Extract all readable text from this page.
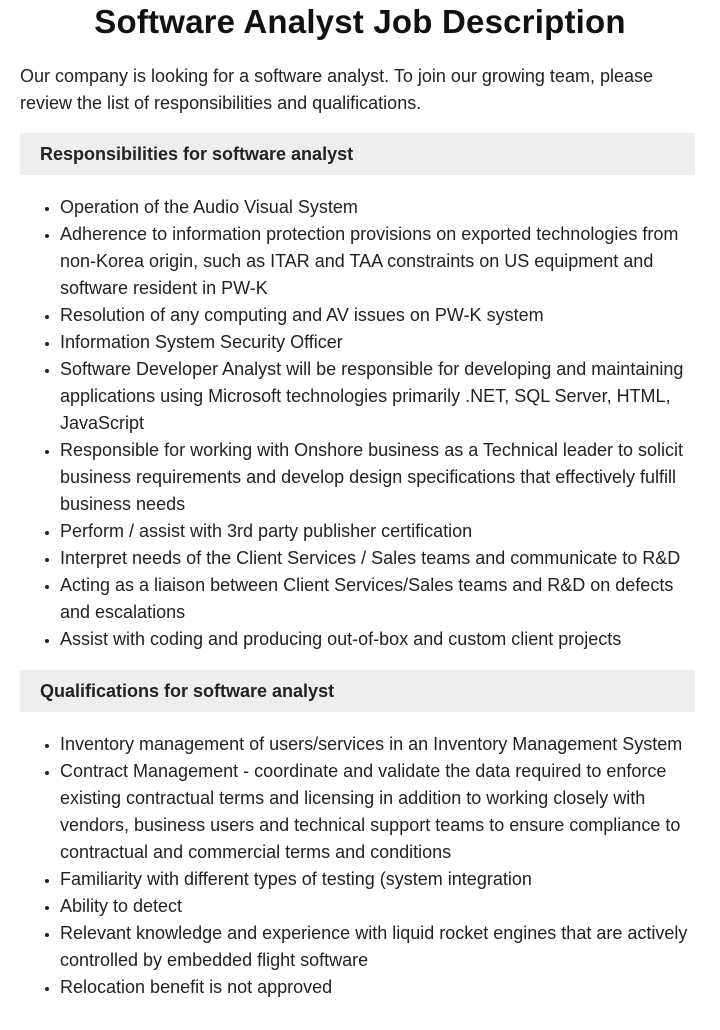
Software Analyst Job Description

Our company is looking for a software analyst. To join our growing team, please review the list of responsibilities and qualifications.

Responsibilities for software analyst
• Operation of the Audio Visual System
• Adherence to information protection provisions on exported technologies from non-Korea origin, such as ITAR and TAA constraints on US equipment and software resident in PW-K
• Resolution of any computing and AV issues on PW-K system
• Information System Security Officer
• Software Developer Analyst will be responsible for developing and maintaining applications using Microsoft technologies primarily .NET, SQL Server, HTML, JavaScript
• Responsible for working with Onshore business as a Technical leader to solicit business requirements and develop design specifications that effectively fulfill business needs
• Perform / assist with 3rd party publisher certification
• Interpret needs of the Client Services / Sales teams and communicate to R&D
• Acting as a liaison between Client Services/Sales teams and R&D on defects and escalations
• Assist with coding and producing out-of-box and custom client projects
Qualifications for software analyst
• Inventory management of users/services in an Inventory Management System
• Contract Management - coordinate and validate the data required to enforce existing contractual terms and licensing in addition to working closely with vendors, business users and technical support teams to ensure compliance to contractual and commercial terms and conditions
• Familiarity with different types of testing (system integration
• Ability to detect
• Relevant knowledge and experience with liquid rocket engines that are actively controlled by embedded flight software
• Relocation benefit is not approved
